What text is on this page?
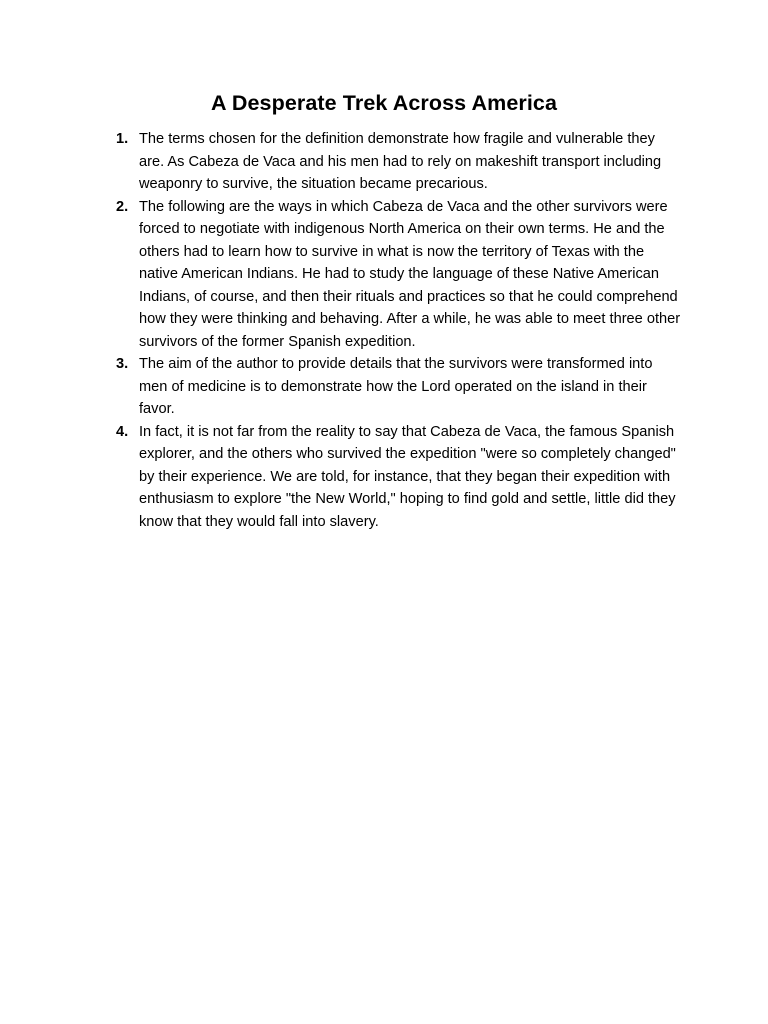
A Desperate Trek Across America
1. The terms chosen for the definition demonstrate how fragile and vulnerable they are. As Cabeza de Vaca and his men had to rely on makeshift transport including weaponry to survive, the situation became precarious.
2. The following are the ways in which Cabeza de Vaca and the other survivors were forced to negotiate with indigenous North America on their own terms. He and the others had to learn how to survive in what is now the territory of Texas with the native American Indians. He had to study the language of these Native American Indians, of course, and then their rituals and practices so that he could comprehend how they were thinking and behaving. After a while, he was able to meet three other survivors of the former Spanish expedition.
3. The aim of the author to provide details that the survivors were transformed into men of medicine is to demonstrate how the Lord operated on the island in their favor.
4. In fact, it is not far from the reality to say that Cabeza de Vaca, the famous Spanish explorer, and the others who survived the expedition "were so completely changed" by their experience. We are told, for instance, that they began their expedition with enthusiasm to explore "the New World," hoping to find gold and settle, little did they know that they would fall into slavery.
